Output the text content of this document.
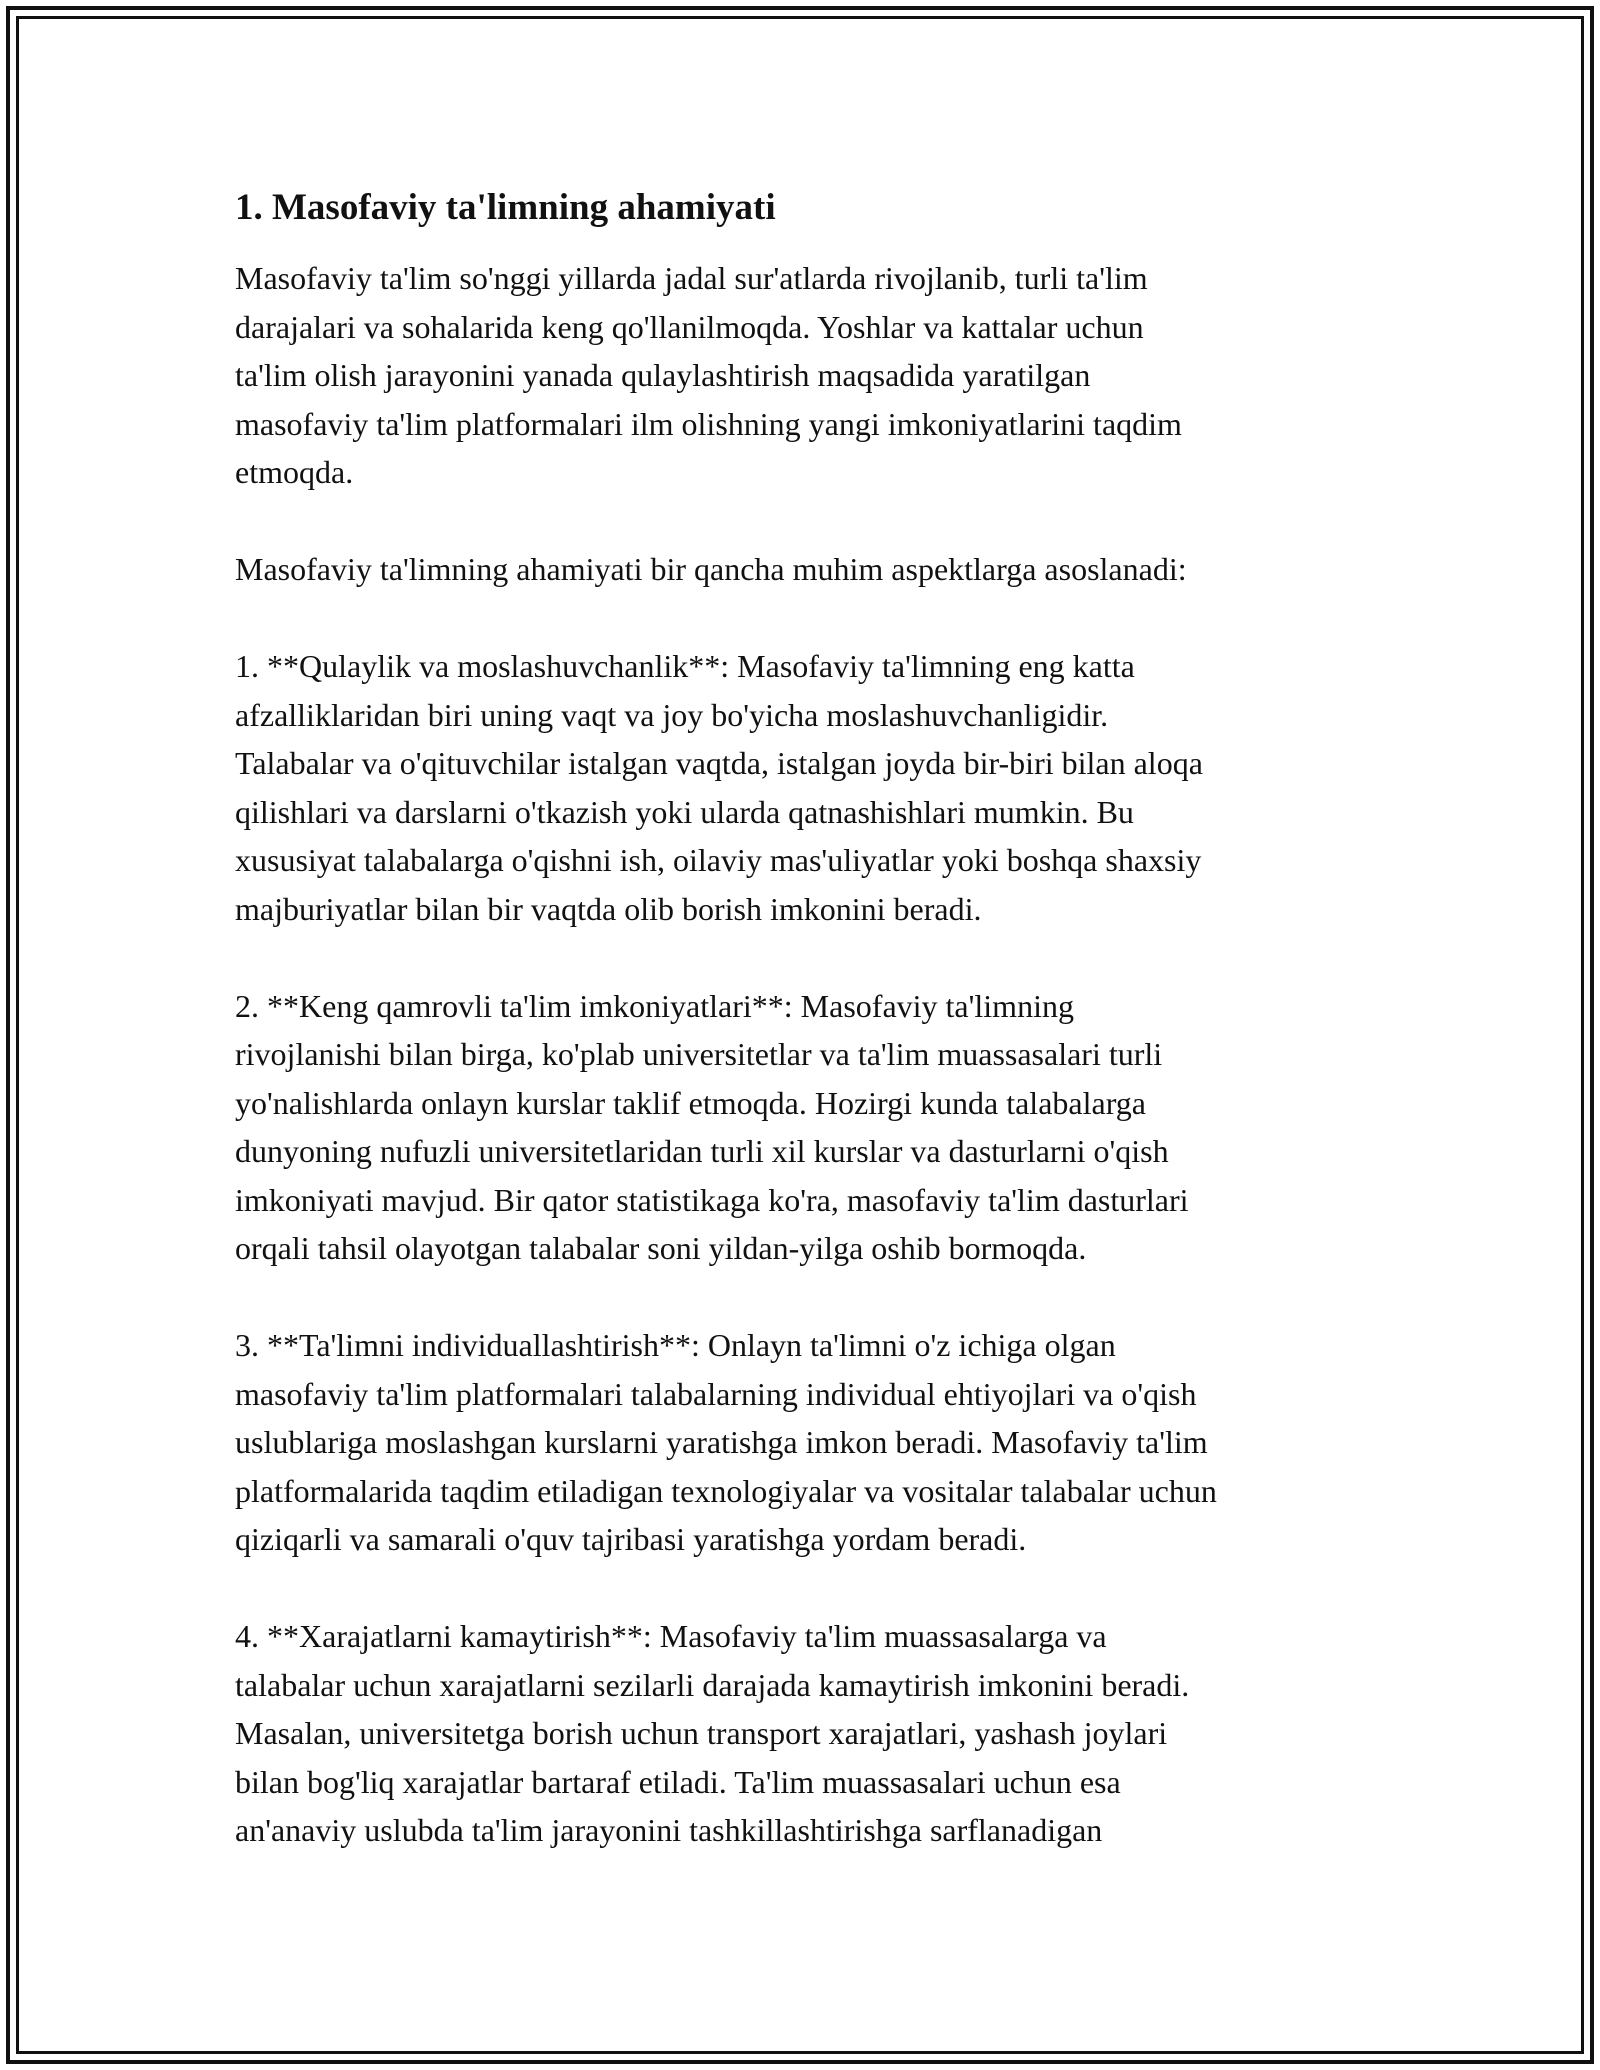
1. Masofaviy ta'limning ahamiyati

Masofaviy ta'lim so'nggi yillarda jadal sur'atlarda rivojlanib, turli ta'lim
darajalari va sohalarida keng qo'llanilmoqda. Yoshlar va kattalar uchun
ta'lim olish jarayonini yanada qulaylashtirish maqsadida yaratilgan
masofaviy ta'lim platformalari ilm olishning yangi imkoniyatlarini taqdim
etmoqda.

Masofaviy ta'limning ahamiyati bir qancha muhim aspektlarga asoslanadi:

1. **Qulaylik va moslashuvchanlik**: Masofaviy ta'limning eng katta
afzalliklaridan biri uning vaqt va joy bo'yicha moslashuvchanligidir.
Talabalar va o'qituvchilar istalgan vaqtda, istalgan joyda bir-biri bilan aloqa
qilishlari va darslarni o'tkazish yoki ularda qatnashishlari mumkin. Bu
xususiyat talabalarga o'qishni ish, oilaviy mas'uliyatlar yoki boshqa shaxsiy
majburiyatlar bilan bir vaqtda olib borish imkonini beradi.

2. **Keng qamrovli ta'lim imkoniyatlari**: Masofaviy ta'limning
rivojlanishi bilan birga, ko'plab universitetlar va ta'lim muassasalari turli
yo'nalishlarda onlayn kurslar taklif etmoqda. Hozirgi kunda talabalarga
dunyoning nufuzli universitetlaridan turli xil kurslar va dasturlarni o'qish
imkoniyati mavjud. Bir qator statistikaga ko'ra, masofaviy ta'lim dasturlari
orqali tahsil olayotgan talabalar soni yildan-yilga oshib bormoqda.

3. **Ta'limni individuallashtirish**: Onlayn ta'limni o'z ichiga olgan
masofaviy ta'lim platformalari talabalarning individual ehtiyojlari va o'qish
uslublariga moslashgan kurslarni yaratishga imkon beradi. Masofaviy ta'lim
platformalarida taqdim etiladigan texnologiyalar va vositalar talabalar uchun
qiziqarli va samarali o'quv tajribasi yaratishga yordam beradi.

4. **Xarajatlarni kamaytirish**: Masofaviy ta'lim muassasalarga va
talabalar uchun xarajatlarni sezilarli darajada kamaytirish imkonini beradi.
Masalan, universitetga borish uchun transport xarajatlari, yashash joylari
bilan bog'liq xarajatlar bartaraf etiladi. Ta'lim muassasalari uchun esa
an'anaviy uslubda ta'lim jarayonini tashkillashtirishga sarflanadigan
